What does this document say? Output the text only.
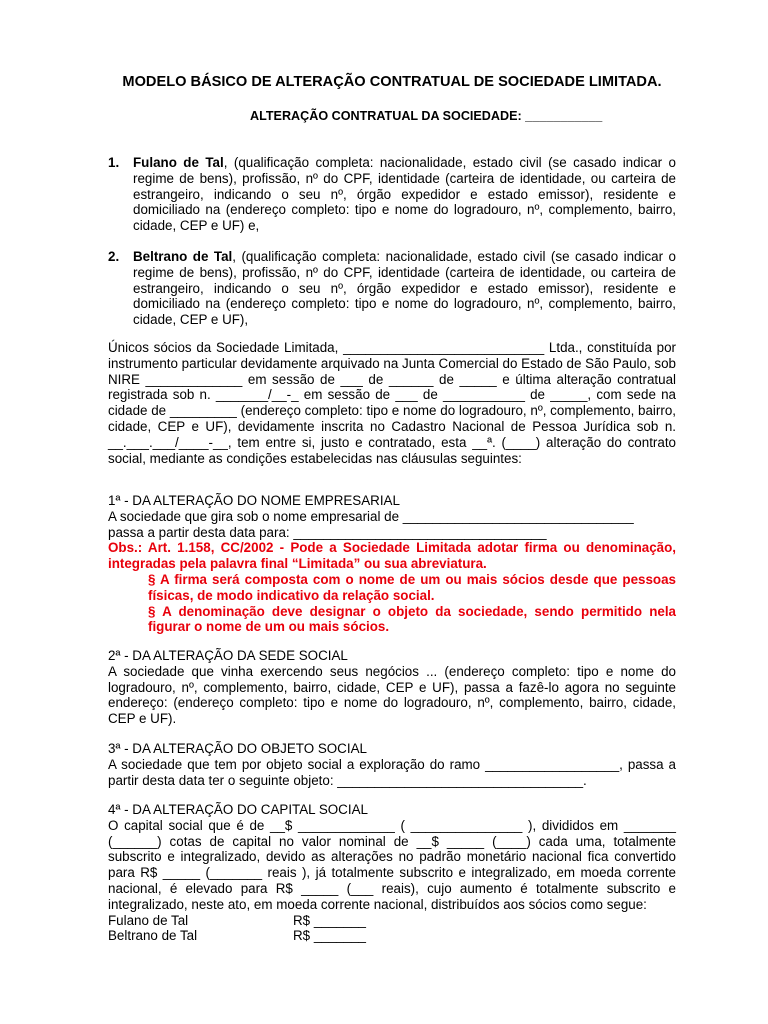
MODELO BÁSICO DE ALTERAÇÃO CONTRATUAL DE SOCIEDADE LIMITADA.
ALTERAÇÃO CONTRATUAL DA SOCIEDADE: ___________
1. Fulano de Tal, (qualificação completa: nacionalidade, estado civil (se casado indicar o regime de bens), profissão, nº do CPF, identidade (carteira de identidade, ou carteira de estrangeiro, indicando o seu nº, órgão expedidor e estado emissor), residente e domiciliado na (endereço completo: tipo e nome do logradouro, nº, complemento, bairro, cidade, CEP e UF) e,
2. Beltrano de Tal, (qualificação completa: nacionalidade, estado civil (se casado indicar o regime de bens), profissão, nº do CPF, identidade (carteira de identidade, ou carteira de estrangeiro, indicando o seu nº, órgão expedidor e estado emissor), residente e domiciliado na (endereço completo: tipo e nome do logradouro, nº, complemento, bairro, cidade, CEP e UF),
Únicos sócios da Sociedade Limitada, ___________________________ Ltda., constituída por instrumento particular devidamente arquivado na Junta Comercial do Estado de São Paulo, sob NIRE _____________ em sessão de ___ de ______ de _____ e última alteração contratual registrada sob n. _______/__-_ em sessão de ___ de ___________ de _____, com sede na cidade de _________ (endereço completo: tipo e nome do logradouro, nº, complemento, bairro, cidade, CEP e UF), devidamente inscrita no Cadastro Nacional de Pessoa Jurídica sob n. __.___.___/____-__, tem entre si, justo e contratado, esta __ª. (____) alteração do contrato social, mediante as condições estabelecidas nas cláusulas seguintes:
1ª - DA ALTERAÇÃO DO NOME EMPRESARIAL
A sociedade que gira sob o nome empresarial de _______________________________
passa a partir desta data para: __________________________________
Obs.: Art. 1.158, CC/2002 - Pode a Sociedade Limitada adotar firma ou denominação, integradas pela palavra final “Limitada” ou sua abreviatura.
§ A firma será composta com o nome de um ou mais sócios desde que pessoas físicas, de modo indicativo da relação social.
§ A denominação deve designar o objeto da sociedade, sendo permitido nela figurar o nome de um ou mais sócios.
2ª - DA ALTERAÇÃO DA SEDE SOCIAL
A sociedade que vinha exercendo seus negócios ... (endereço completo: tipo e nome do logradouro, nº, complemento, bairro, cidade, CEP e UF), passa a fazê-lo agora no seguinte endereço: (endereço completo: tipo e nome do logradouro, nº, complemento, bairro, cidade, CEP e UF).
3ª - DA ALTERAÇÃO DO OBJETO SOCIAL
A sociedade que tem por objeto social a exploração do ramo __________________, passa a partir desta data ter o seguinte objeto: _________________________________.
4ª - DA ALTERAÇÃO DO CAPITAL SOCIAL
O capital social que é de __$ _____________ ( _______________ ), divididos em _______ (______) cotas de capital no valor nominal de __$ _____ (____) cada uma, totalmente subscrito e integralizado, devido as alterações no padrão monetário nacional fica convertido para R$ _____ (_______ reais ), já totalmente subscrito e integralizado, em moeda corrente nacional, é elevado para R$ _____ (___ reais), cujo aumento é totalmente subscrito e integralizado, neste ato, em moeda corrente nacional, distribuídos aos sócios como segue:
Fulano de Tal	R$ _______
Beltrano de Tal	R$ _______
